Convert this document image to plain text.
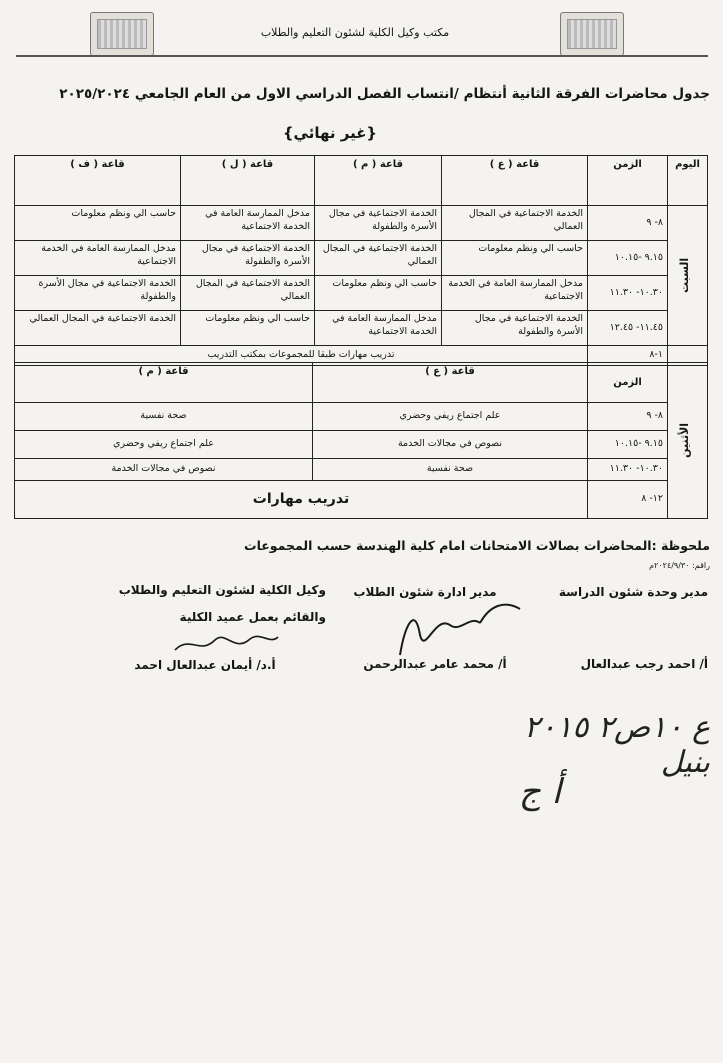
مكتب وكيل الكلية لشئون التعليم والطلاب
جدول محاضرات الفرقة الثانية أنتظام /انتساب الفصل الدراسي الاول من العام الجامعي ٢٠٢٥/٢٠٢٤
{غير نهائي}
اليوم	الزمن	قاعة ( ع )	قاعة ( م )	قاعة ( ل )	قاعة ( ف )
السبت	٨- ٩	الخدمة الاجتماعية في المجال العمالي	الخدمة الاجتماعية في مجال الأسرة والطفولة	مدخل الممارسة العامة في الخدمة الاجتماعية	حاسب الي ونظم معلومات
	٩.١٥ -١٠.١٥	حاسب الي ونظم معلومات	الخدمة الاجتماعية في المجال العمالي	الخدمة الاجتماعية في مجال الأسرة والطفولة	مدخل الممارسة العامة في الخدمة الاجتماعية
	١٠.٣٠- ١١.٣٠	مدخل الممارسة العامة في الخدمة الاجتماعية	حاسب الي ونظم معلومات	الخدمة الاجتماعية في المجال العمالي	الخدمة الاجتماعية في مجال الأسرة والطفولة
	١١.٤٥- ١٢.٤٥	الخدمة الاجتماعية في مجال الأسرة والطفولة	مدخل الممارسة العامة في الخدمة الاجتماعية	حاسب الي ونظم معلومات	الخدمة الاجتماعية في المجال العمالي
	١-٨	تدريب مهارات طبقا للمجموعات بمكتب التدريب			
الأثنين	الزمن	قاعة ( ع )	قاعة ( م )
	٨- ٩	علم اجتماع ريفي وحضري	صحة نفسية
	٩.١٥ -١٠.١٥	نصوص في مجالات الخدمة	علم اجتماع ريفي وحضري
	١٠.٣٠- ١١.٣٠	صحة نفسية	نصوص في مجالات الخدمة
	١٢- ٨	تدريب مهارات	
ملحوظة :المحاضرات بصالات الامتحانات امام كلية الهندسة حسب المجموعات
راقم: ٢٠٢٤/٩/٣٠م
مدير وحدة شئون الدراسة
أ/ احمد رجب عبدالعال
مدير ادارة شئون الطلاب
أ/ محمد عامر عبدالرحمن
وكيل الكلية لشئون التعليم والطلاب
والقائم بعمل عميد الكلية
أ.د/ أيمان عبدالعال احمد
ع ١٠ص٢ ٢٠١٥ بنيل
أ ج
